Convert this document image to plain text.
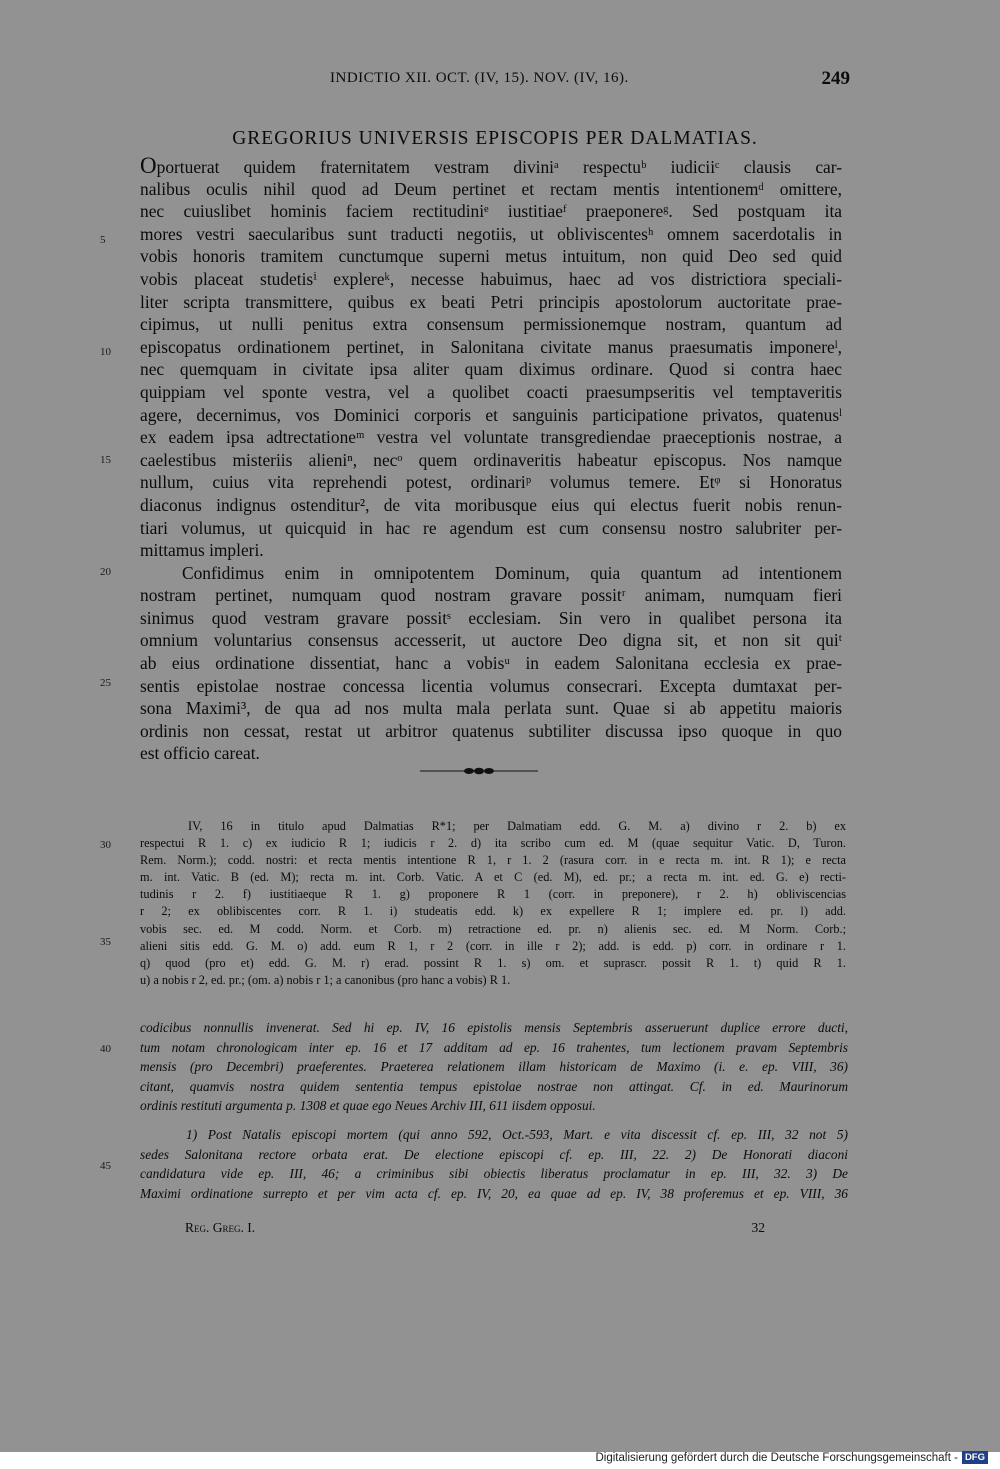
INDICTIO XII. OCT. (IV, 15). NOV. (IV, 16).	249
GREGORIUS UNIVERSIS EPISCOPIS PER DALMATIAS.
Oportuerat quidem fraternitatem vestram diviniᵃ respectuᵇ iudiciiᶜ clausis car-
nalibus oculis nihil quod ad Deum pertinet et rectam mentis intentionemᵈ omittere,
nec cuiuslibet hominis faciem rectitudiniᵉ iustitiaeᶠ praeponereᵍ. Sed postquam ita
mores vestri saecularibus sunt traducti negotiis, ut obliviscentesʰ omnem sacerdotalis in
vobis honoris tramitem cunctumque superni metus intuitum, non quid Deo sed quid
vobis placeat studetisⁱ explereᵏ, necesse habuimus, haec ad vos districtiora speciali-
liter scripta transmittere, quibus ex beati Petri principis apostolorum auctoritate prae-
cipimus, ut nulli penitus extra consensum permissionemque nostram, quantum ad
episcopatus ordinationem pertinet, in Salonitana civitate manus praesumatis imponereˡ,
nec quemquam in civitate ipsa aliter quam diximus ordinare. Quod si contra haec
quippiam vel sponte vestra, vel a quolibet coacti praesumpseritis vel temptaveritis
agere, decernimus, vos Dominici corporis et sanguinis participatione privatos, quatenusˡ
ex eadem ipsa adtrectationeᵐ vestra vel voluntate transgrediendae praeceptionis nostrae, a
caelestibus misteriis alieniⁿ, necᵒ quem ordinaveritis habeatur episcopus. Nos namque
nullum, cuius vita reprehendi potest, ordinariᵖ volumus temere. Etᵠ si Honoratus
diaconus indignus ostenditur², de vita moribusque eius qui electus fuerit nobis renun-
tiari volumus, ut quicquid in hac re agendum est cum consensu nostro salubriter per-
mittamus impleri.
Confidimus enim in omnipotentem Dominum, quia quantum ad intentionem
nostram pertinet, numquam quod nostram gravare possitʳ animam, numquam fieri
sinimus quod vestram gravare possitˢ ecclesiam. Sin vero in qualibet persona ita
omnium voluntarius consensus accesserit, ut auctore Deo digna sit, et non sit quiᵗ
ab eius ordinatione dissentiat, hanc a vobisᵘ in eadem Salonitana ecclesia ex prae-
sentis epistolae nostrae concessa licentia volumus consecrari. Excepta dumtaxat per-
sona Maximi³, de qua ad nos multa mala perlata sunt. Quae si ab appetitu maioris
ordinis non cessat, restat ut arbitror quatenus subtiliter discussa ipso quoque in quo
est officio careat.
IV, 16 in titulo apud Dalmatias R*1; per Dalmatiam edd. G. M. a) divino r 2. b) ex
respectui R 1. c) ex iudicio R 1; iudicis r 2. d) ita scribo cum ed. M (quae sequitur Vatic. D, Turon.
Rem. Norm.); codd. nostri: et recta mentis intentione R 1, r 1. 2 (rasura corr. in e recta m. int. R 1); e recta
m. int. Vatic. B (ed. M); recta m. int. Corb. Vatic. A et C (ed. M), ed. pr.; a recta m. int. ed. G. e) recti-
tudinis r 2. f) iustitiaeque R 1. g) proponere R 1 (corr. in preponere), r 2. h) obliviscencias
r 2; ex oblibiscentes corr. R 1. i) studeatis edd. k) ex expellere R 1; implere ed. pr. l) add.
vobis sec. ed. M codd. Norm. et Corb. m) retractione ed. pr. n) alienis sec. ed. M Norm. Corb.;
alieni sitis edd. G. M. o) add. eum R 1, r 2 (corr. in ille r 2); add. is edd. p) corr. in ordinare r 1.
q) quod (pro et) edd. G. M. r) erad. possint R 1. s) om. et suprascr. possit R 1. t) quid R 1.
u) a nobis r 2, ed. pr.; (om. a) nobis r 1; a canonibus (pro hanc a vobis) R 1.
codicibus nonnullis invenerat. Sed hi ep. IV, 16 epistolis mensis Septembris asseruerunt duplice errore ducti,
tum notam chronologicam inter ep. 16 et 17 additam ad ep. 16 trahentes, tum lectionem pravam Septembris
mensis (pro Decembri) praeferentes. Praeterea relationem illam historicam de Maximo (i. e. ep. VIII, 36)
citant, quamvis nostra quidem sententia tempus epistolae nostrae non attingat. Cf. in ed. Maurinorum
ordinis restituti argumenta p. 1308 et quae ego Neues Archiv III, 611 iisdem opposui.
1) Post Natalis episcopi mortem (qui anno 592, Oct.-593, Mart. e vita discessit cf. ep. III, 32 not 5)
sedes Salonitana rectore orbata erat. De electione episcopi cf. ep. III, 22. 2) De Honorati diaconi
candidatura vide ep. III, 46; a criminibus sibi obiectis liberatus proclamatur in ep. III, 32. 3) De
Maximi ordinatione surrepto et per vim acta cf. ep. IV, 20, ea quae ad ep. IV, 38 proferemus et ep. VIII, 36
Reg. Greg. I.	32
5
10
15
20
25
30
35
40
45
Digitalisierung gefördert durch die Deutsche Forschungsgemeinschaft - DFG
